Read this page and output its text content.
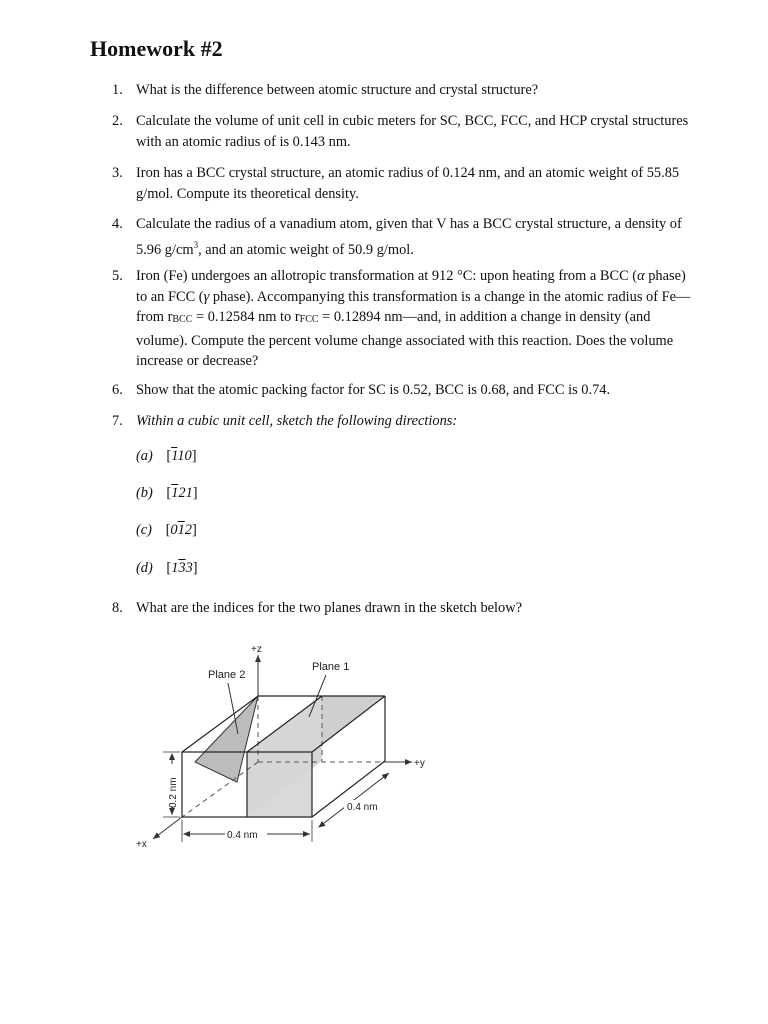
Homework #2
1. What is the difference between atomic structure and crystal structure?
2. Calculate the volume of unit cell in cubic meters for SC, BCC, FCC, and HCP crystal structures with an atomic radius of is 0.143 nm.
3. Iron has a BCC crystal structure, an atomic radius of 0.124 nm, and an atomic weight of 55.85 g/mol. Compute its theoretical density.
4. Calculate the radius of a vanadium atom, given that V has a BCC crystal structure, a density of 5.96 $g/cm^3$, and an atomic weight of 50.9 g/mol.
5. Iron (Fe) undergoes an allotropic transformation at 912 °C: upon heating from a BCC (α phase) to an FCC (γ phase). Accompanying this transformation is a change in the atomic radius of Fe—from rBCC = 0.12584 nm to rFCC = 0.12894 nm—and, in addition a change in density (and volume). Compute the percent volume change associated with this reaction. Does the volume increase or decrease?
6. Show that the atomic packing factor for SC is 0.52, BCC is 0.68, and FCC is 0.74.
7. Within a cubic unit cell, sketch the following directions:
(a) [110]
(b) [121]
(c) [012]
(d) [133]
8. What are the indices for the two planes drawn in the sketch below?
+z
+y
+x
Plane 2
Plane 1
0.2 nm
0.4 nm
0.4 nm
